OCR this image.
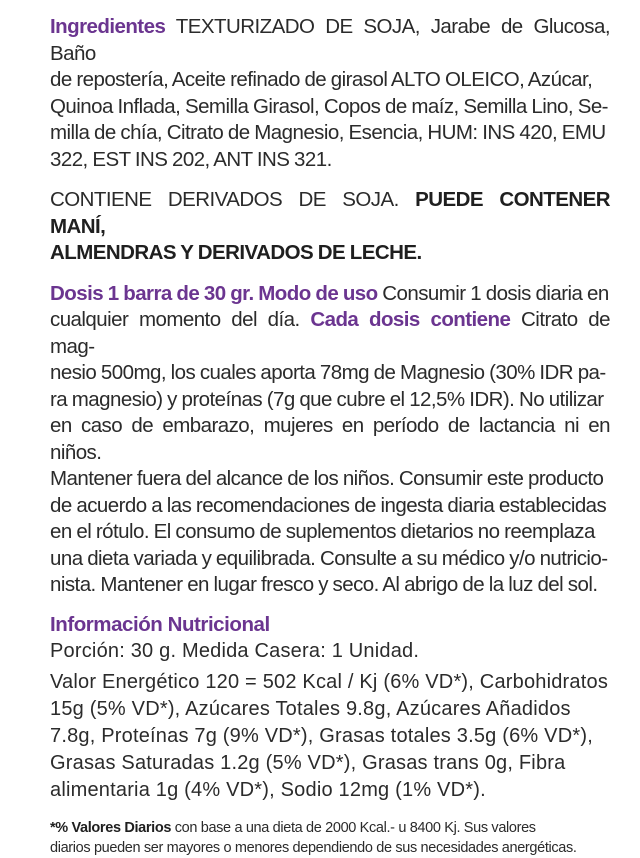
Ingredientes TEXTURIZADO DE SOJA, Jarabe de Glucosa, Baño
de repostería, Aceite refinado de girasol ALTO OLEICO, Azúcar,
Quinoa Inflada, Semilla Girasol, Copos de maíz, Semilla Lino, Se-
milla de chía, Citrato de Magnesio, Esencia, HUM: INS 420, EMU
322, EST INS 202, ANT INS 321.

CONTIENE DERIVADOS DE SOJA. PUEDE CONTENER MANÍ,
ALMENDRAS Y DERIVADOS DE LECHE.

Dosis 1 barra de 30 gr. Modo de uso Consumir 1 dosis diaria en
cualquier momento del día. Cada dosis contiene Citrato de mag-
nesio 500mg, los cuales aporta 78mg de Magnesio (30% IDR pa-
ra magnesio) y proteínas (7g que cubre el 12,5% IDR). No utilizar
en caso de embarazo, mujeres en período de lactancia ni en niños.
Mantener fuera del alcance de los niños. Consumir este producto
de acuerdo a las recomendaciones de ingesta diaria establecidas
en el rótulo. El consumo de suplementos dietarios no reemplaza
una dieta variada y equilibrada. Consulte a su médico y/o nutricio-
nista. Mantener en lugar fresco y seco. Al abrigo de la luz del sol.

Información Nutricional

Porción: 30 g. Medida Casera: 1 Unidad.

Valor Energético 120 = 502 Kcal / Kj (6% VD*), Carbohidratos
15g (5% VD*), Azúcares Totales 9.8g, Azúcares Añadidos
7.8g, Proteínas 7g (9% VD*), Grasas totales 3.5g (6% VD*),
Grasas Saturadas 1.2g (5% VD*), Grasas trans 0g, Fibra
alimentaria 1g (4% VD*), Sodio 12mg (1% VD*).

*% Valores Diarios con base a una dieta de 2000 Kcal.- u 8400 Kj. Sus valores
diarios pueden ser mayores o menores dependiendo de sus necesidades anergéticas.
